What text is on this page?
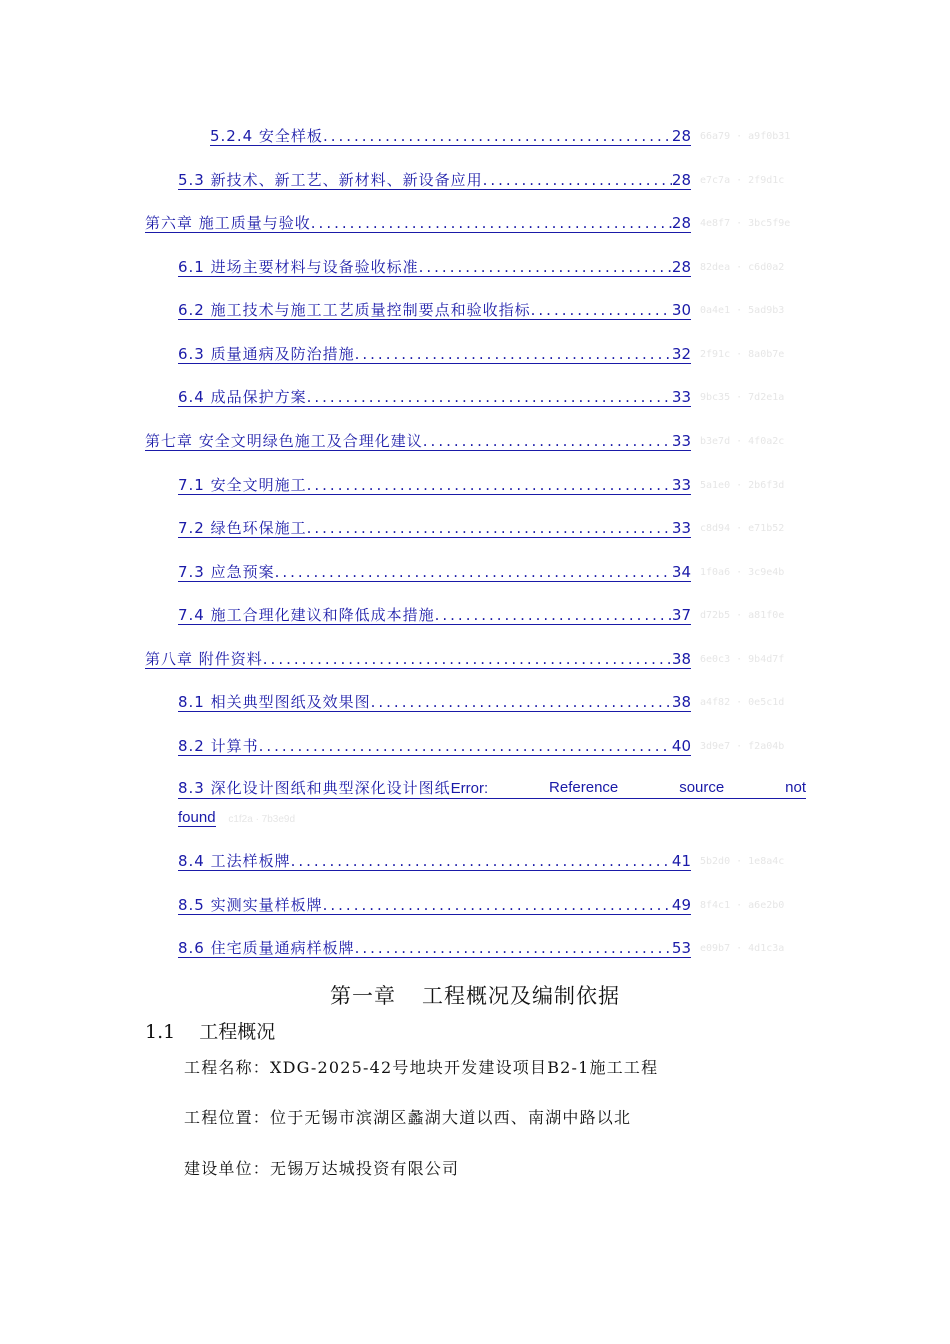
5.2.4 安全样板 .....	28 66a79 · a9f0b31
5.3 新技术、新工艺、新材料、新设备应用 .....	28 e7c7a · 2f9d1c
第六章 施工质量与验收 .....	28 4e8f7 · 3bc5f9e
6.1 进场主要材料与设备验收标准 .....	28 82dea · c6d0a2
6.2 施工技术与施工工艺质量控制要点和验收指标 .....	30 0a4e1 · 5ad9b3
6.3 质量通病及防治措施 .....	32 2f91c · 8a0b7e
6.4 成品保护方案 .....	33 9bc35 · 7d2e1a
第七章 安全文明绿色施工及合理化建议 .....	33 b3e7d · 4f0a2c
7.1 安全文明施工 .....	33 5a1e0 · 2b6f3d
7.2 绿色环保施工 .....	33 c8d94 · e71b52
7.3 应急预案 .....	34 1f0a6 · 3c9e4b
7.4 施工合理化建议和降低成本措施 .....	37 d72b5 · a81f0e
第八章 附件资料 .....	38 6e0c3 · 9b4d7f
8.1 相关典型图纸及效果图 .....	38 a4f82 · 0e5c1d
8.2 计算书 .....	40 3d9e7 · f2a04b
8.3 深化设计图纸和典型深化设计图纸Error:	Reference	source	not
found c1f2a · 7b3e9d
8.4 工法样板牌 .....	41 5b2d0 · 1e8a4c
8.5 实测实量样板牌 .....	49 8f4c1 · a6e2b0
8.6 住宅质量通病样板牌 .....	53 e09b7 · 4d1c3a
第一章 工程概况及编制依据
1.1 工程概况
工程名称：XDG-2025-42号地块开发建设项目B2-1施工工程
工程位置：位于无锡市滨湖区蠡湖大道以西、南湖中路以北
建设单位：无锡万达城投资有限公司
